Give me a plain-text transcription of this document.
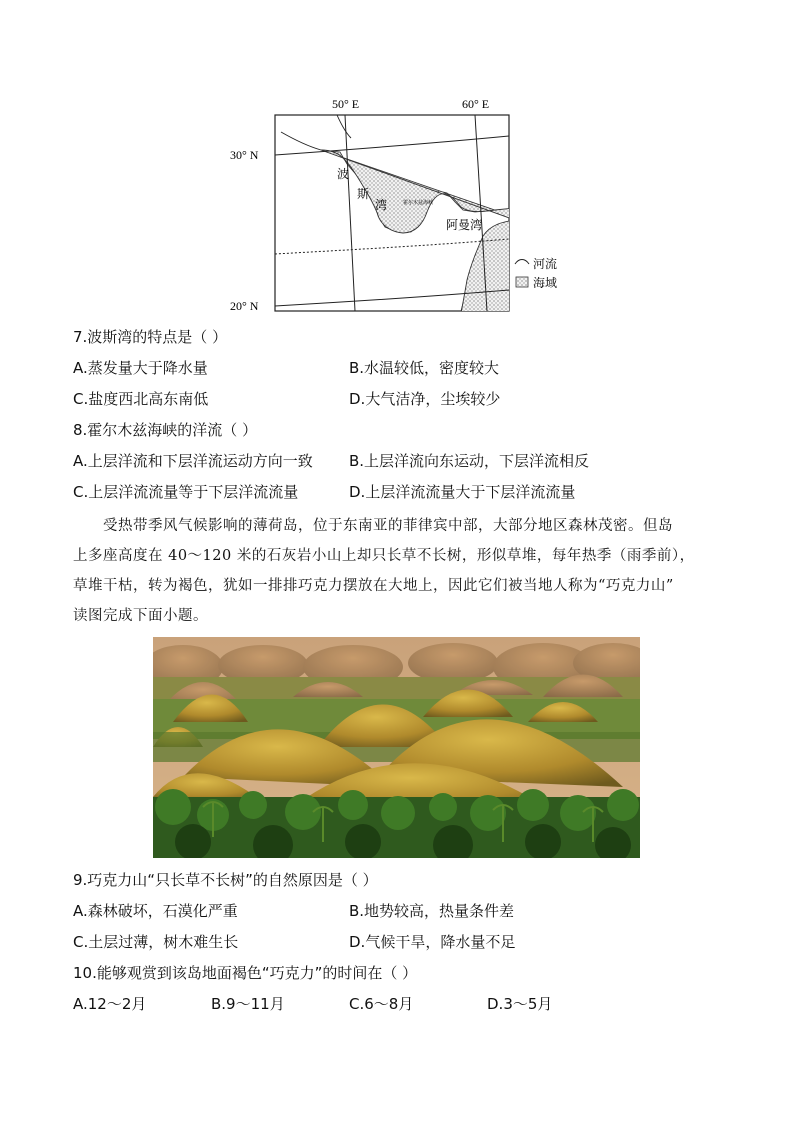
50° E	60° E
30° N
20° N
波
斯
湾
阿曼湾
霍尔木兹海峡
河流
海域
7.波斯湾的特点是（ ）
A.蒸发量大于降水量	B.水温较低，密度较大
C.盐度西北高东南低	D.大气洁净，尘埃较少
8.霍尔木兹海峡的洋流（ ）
A.上层洋流和下层洋流运动方向一致 B.上层洋流向东运动，下层洋流相反
C.上层洋流流量等于下层洋流流量	D.上层洋流流量大于下层洋流流量

受热带季风气候影响的薄荷岛，位于东南亚的菲律宾中部，大部分地区森林茂密。但岛

上多座高度在 40～120 米的石灰岩小山上却只长草不长树，形似草堆，每年热季（雨季前），

草堆干枯，转为褐色，犹如一排排巧克力摆放在大地上，因此它们被当地人称为“巧克力山”

读图完成下面小题。

9.巧克力山“只长草不长树”的自然原因是（ ）
A.森林破坏，石漠化严重	B.地势较高，热量条件差
C.土层过薄，树木难生长	D.气候干旱，降水量不足
10.能够观赏到该岛地面褐色“巧克力”的时间在（ ）
A.12～2月	B.9～11月	C.6～8月	D.3～5月
